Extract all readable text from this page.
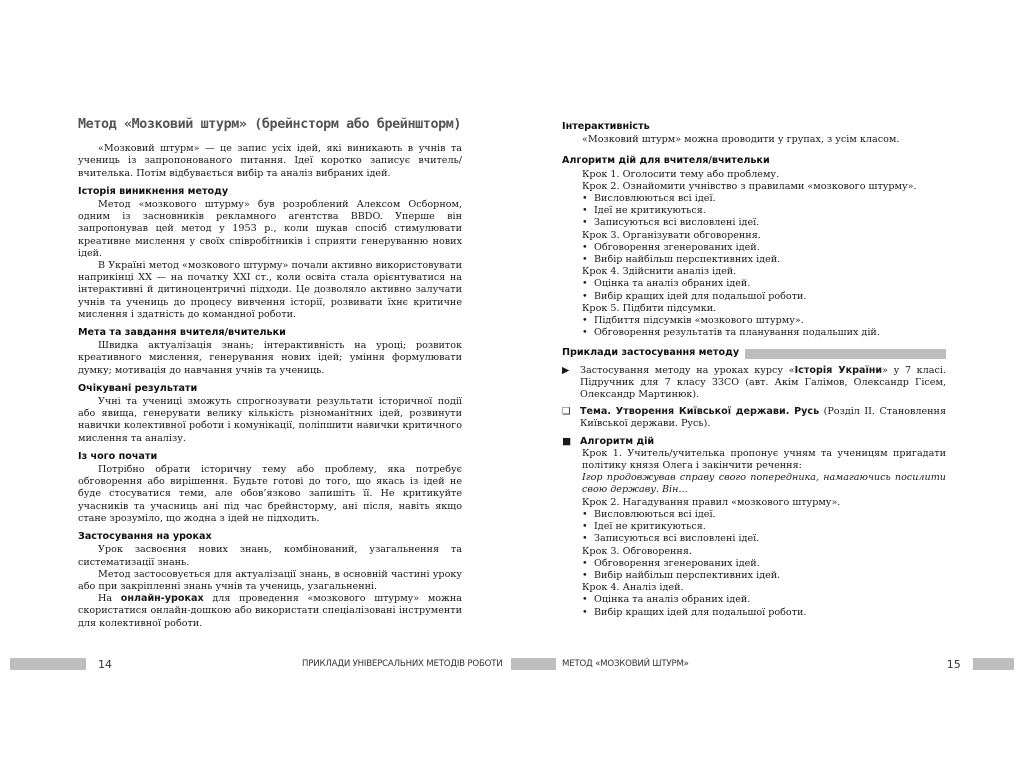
Метод «Мозковий штурм» (брейнсторм або брейншторм)

«Мозковий штурм» — це запис усіх ідей, які виникають в учнів та учениць із запропонованого питання. Ідеї коротко записує вчитель/вчителька. Потім відбувається вибір та аналіз вибраних ідей.

Історія виникнення методу

Метод «мозкового штурму» був розроблений Алексом Осборном, одним із засновників рекламного агентства BBDO. Уперше він запропонував цей метод у 1953 р., коли шукав спосіб стимулювати креативне мислення у своїх співробітників і сприяти генеруванню нових ідей.

В Україні метод «мозкового штурму» почали активно використовувати наприкінці XX — на початку XXI ст., коли освіта стала орієнтуватися на інтерактивні й дитиноцентричні підходи. Це дозволяло активно залучати учнів та учениць до процесу вивчення історії, розвивати їхнє критичне мислення і здатність до командної роботи.

Мета та завдання вчителя/вчительки

Швидка актуалізація знань; інтерактивність на уроці; розвиток креативного мислення, генерування нових ідей; уміння формулювати думку; мотивація до навчання учнів та учениць.

Очікувані результати

Учні та учениці зможуть спрогнозувати результати історичної події або явища, генерувати велику кількість різноманітних ідей, розвинути навички колективної роботи і комунікації, поліпшити навички критичного мислення та аналізу.

Із чого почати

Потрібно обрати історичну тему або проблему, яка потребує обговорення або вирішення. Будьте готові до того, що якась із ідей не буде стосуватися теми, але обов’язково запишіть її. Не критикуйте учасників та учасниць ані під час брейнсторму, ані після, навіть якщо стане зрозуміло, що жодна з ідей не підходить.

Застосування на уроках

Урок засвоєння нових знань, комбінований, узагальнення та систематизації знань.

Метод застосовується для актуалізації знань, в основній частині уроку або при закріпленні знань учнів та учениць, узагальненні.

На онлайн-уроках для проведення «мозкового штурму» можна скористатися онлайн-дошкою або використати спеціалізовані інструменти для колективної роботи.

14	ПРИКЛАДИ УНІВЕРСАЛЬНИХ МЕТОДІВ РОБОТИ
Інтерактивність

«Мозковий штурм» можна проводити у групах, з усім класом.

Алгоритм дій для вчителя/вчительки
Крок 1. Оголосити тему або проблему.
Крок 2. Ознайомити учнівство з правилами «мозкового штурму».
• Висловлюються всі ідеї.
• Ідеї не критикуються.
• Записуються всі висловлені ідеї.
Крок 3. Організувати обговорення.
• Обговорення згенерованих ідей.
• Вибір найбільш перспективних ідей.
Крок 4. Здійснити аналіз ідей.
• Оцінка та аналіз обраних ідей.
• Вибір кращих ідей для подальшої роботи.
Крок 5. Підбити підсумки.
• Підбиття підсумків «мозкового штурму».
• Обговорення результатів та планування подальших дій.
Приклади застосування методу
▶	Застосування методу на уроках курсу «Історія України» у 7 класі. Підручник для 7 класу ЗЗСО (авт. Акім Галімов, Олександр Гісем, Олександр Мартинюк).
❏ Тема. Утворення Київської держави. Русь (Розділ ІІ. Становлення Київської держави. Русь).
■ Алгоритм дій

Крок 1. Учитель/учителька пропонує учням та ученицям пригадати політику князя Олега і закінчити речення:

Ігор продовжував справу свого попередника, намагаючись посилити свою державу. Він...

Крок 2. Нагадування правил «мозкового штурму».
• Висловлюються всі ідеї.
• Ідеї не критикуються.
• Записуються всі висловлені ідеї.
Крок 3. Обговорення.
• Обговорення згенерованих ідей.
• Вибір найбільш перспективних ідей.
Крок 4. Аналіз ідей.
• Оцінка та аналіз обраних ідей.
• Вибір кращих ідей для подальшої роботи.
МЕТОД «МОЗКОВИЙ ШТУРМ»	15
